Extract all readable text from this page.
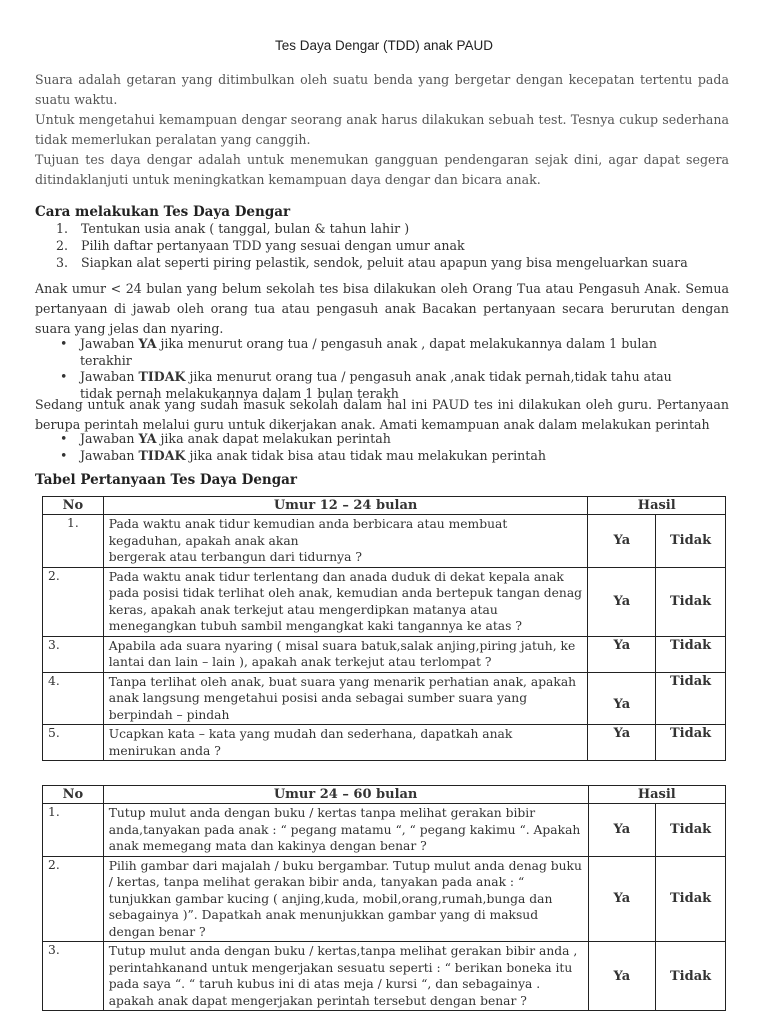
Tes Daya Dengar (TDD) anak PAUD
Suara adalah getaran yang ditimbulkan oleh suatu benda yang bergetar dengan kecepatan tertentu pada suatu waktu.
Untuk mengetahui kemampuan dengar seorang anak harus dilakukan sebuah test. Tesnya cukup sederhana tidak memerlukan peralatan yang canggih.
Tujuan tes daya dengar adalah untuk menemukan gangguan pendengaran sejak dini, agar dapat segera ditindaklanjuti untuk meningkatkan kemampuan daya dengar dan bicara anak.
Cara melakukan Tes Daya Dengar
1. Tentukan usia anak ( tanggal, bulan & tahun lahir )
2. Pilih daftar pertanyaan TDD yang sesuai dengan umur anak
3. Siapkan alat seperti piring pelastik, sendok, peluit atau apapun yang bisa mengeluarkan suara
Anak umur < 24 bulan yang belum sekolah tes bisa dilakukan oleh Orang Tua atau Pengasuh Anak. Semua pertanyaan di jawab oleh orang tua atau pengasuh anak Bacakan pertanyaan secara berurutan dengan suara yang jelas dan nyaring.
• Jawaban YA jika menurut orang tua / pengasuh anak , dapat melakukannya dalam 1 bulan terakhir
• Jawaban TIDAK jika menurut orang tua / pengasuh anak ,anak tidak pernah,tidak tahu atau tidak pernah melakukannya dalam 1 bulan terakh
Sedang untuk anak yang sudah masuk sekolah dalam hal ini PAUD tes ini dilakukan oleh guru. Pertanyaan berupa perintah melalui guru untuk dikerjakan anak. Amati kemampuan anak dalam melakukan perintah
• Jawaban YA jika anak dapat melakukan perintah
• Jawaban TIDAK jika anak tidak bisa atau tidak mau melakukan perintah
Tabel Pertanyaan Tes Daya Dengar
No	Umur 12 – 24 bulan	Hasil	
1.	Pada waktu anak tidur kemudian anda berbicara atau membuat kegaduhan, apakah anak akan
bergerak atau terbangun dari tidurnya ?	Ya	Tidak
2.	Pada waktu anak tidur terlentang dan anada duduk di dekat kepala anak pada posisi tidak terlihat oleh anak, kemudian anda bertepuk tangan denag keras, apakah anak terkejut atau mengerdipkan matanya atau menegangkan tubuh sambil mengangkat kaki tangannya ke atas ?	Ya	Tidak
3.	Apabila ada suara nyaring ( misal suara batuk,salak anjing,piring jatuh, ke lantai dan lain – lain ), apakah anak terkejut atau terlompat ?	Ya	Tidak
4.	Tanpa terlihat oleh anak, buat suara yang menarik perhatian anak, apakah anak langsung mengetahui posisi anda sebagai sumber suara yang berpindah – pindah	Ya	Tidak
5.	Ucapkan kata – kata yang mudah dan sederhana, dapatkah anak menirukan anda ?	Ya	Tidak
No	Umur 24 – 60 bulan	Hasil	
1.	Tutup mulut anda dengan buku / kertas tanpa melihat gerakan bibir anda,tanyakan pada anak : “ pegang matamu “, “ pegang kakimu “. Apakah anak memegang mata dan kakinya dengan benar ?	Ya	Tidak
2.	Pilih gambar dari majalah / buku bergambar. Tutup mulut anda denag buku / kertas, tanpa melihat gerakan bibir anda, tanyakan pada anak : “ tunjukkan gambar kucing ( anjing,kuda, mobil,orang,rumah,bunga dan sebagainya )”. Dapatkah anak menunjukkan gambar yang di maksud dengan benar ?	Ya	Tidak
3.	Tutup mulut anda dengan buku / kertas,tanpa melihat gerakan bibir anda , perintahkanand untuk mengerjakan sesuatu seperti : “ berikan boneka itu pada saya “. “ taruh kubus ini di atas meja / kursi “, dan sebagainya . apakah anak dapat mengerjakan perintah tersebut dengan benar ?	Ya	Tidak
